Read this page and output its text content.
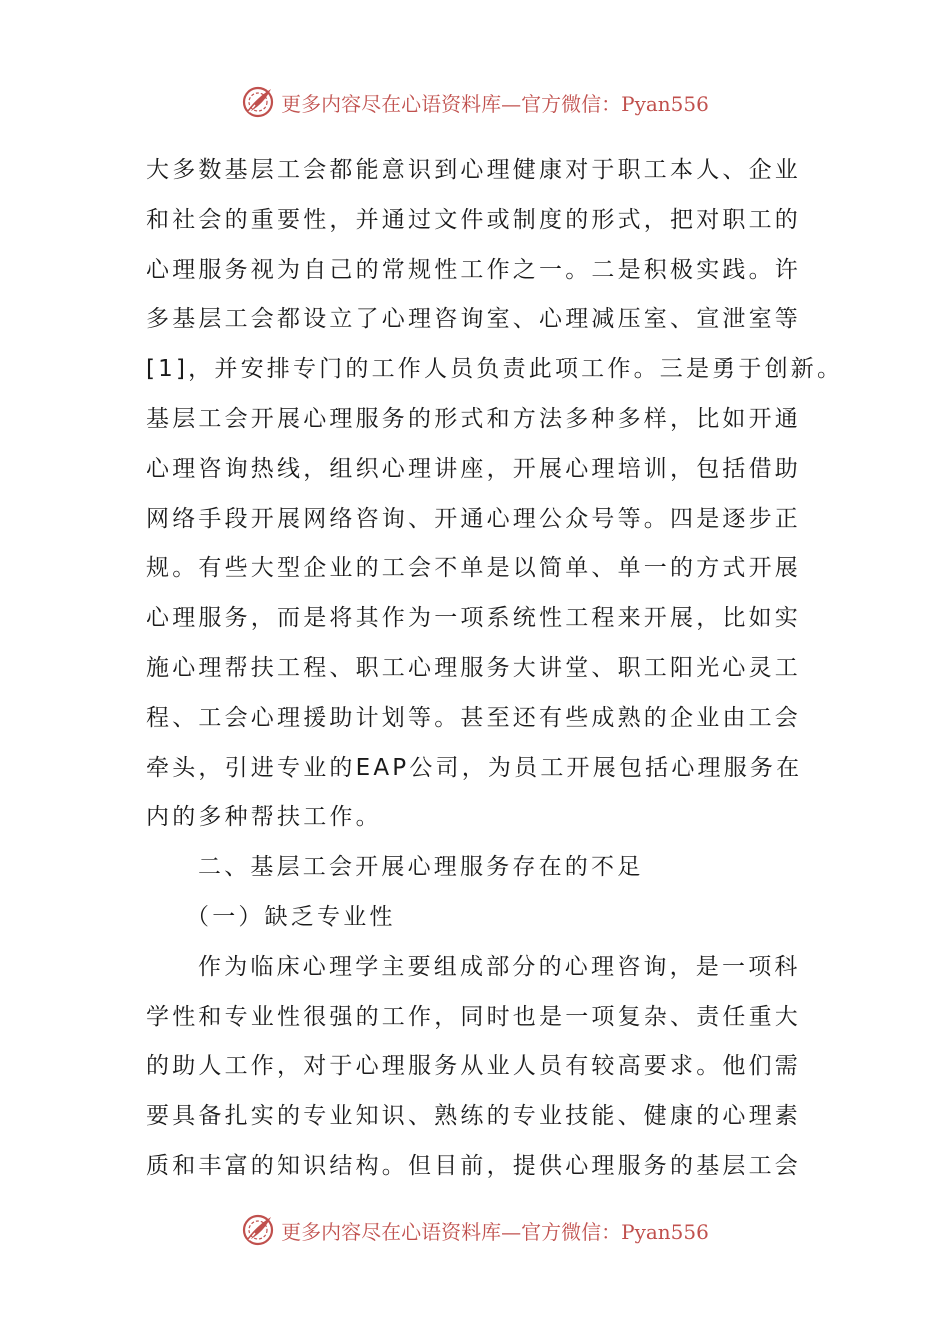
更多内容尽在心语资料库—官方微信：Pyan556
大多数基层工会都能意识到心理健康对于职工本人、企业
和社会的重要性，并通过文件或制度的形式，把对职工的
心理服务视为自己的常规性工作之一。二是积极实践。许
多基层工会都设立了心理咨询室、心理减压室、宣泄室等
[1]，并安排专门的工作人员负责此项工作。三是勇于创新。
基层工会开展心理服务的形式和方法多种多样，比如开通
心理咨询热线，组织心理讲座，开展心理培训，包括借助
网络手段开展网络咨询、开通心理公众号等。四是逐步正
规。有些大型企业的工会不单是以简单、单一的方式开展
心理服务，而是将其作为一项系统性工程来开展，比如实
施心理帮扶工程、职工心理服务大讲堂、职工阳光心灵工
程、工会心理援助计划等。甚至还有些成熟的企业由工会
牵头，引进专业的EAP公司，为员工开展包括心理服务在
内的多种帮扶工作。
二、基层工会开展心理服务存在的不足
（一）缺乏专业性
作为临床心理学主要组成部分的心理咨询，是一项科
学性和专业性很强的工作，同时也是一项复杂、责任重大
的助人工作，对于心理服务从业人员有较高要求。他们需
要具备扎实的专业知识、熟练的专业技能、健康的心理素
质和丰富的知识结构。但目前，提供心理服务的基层工会
更多内容尽在心语资料库—官方微信：Pyan556
